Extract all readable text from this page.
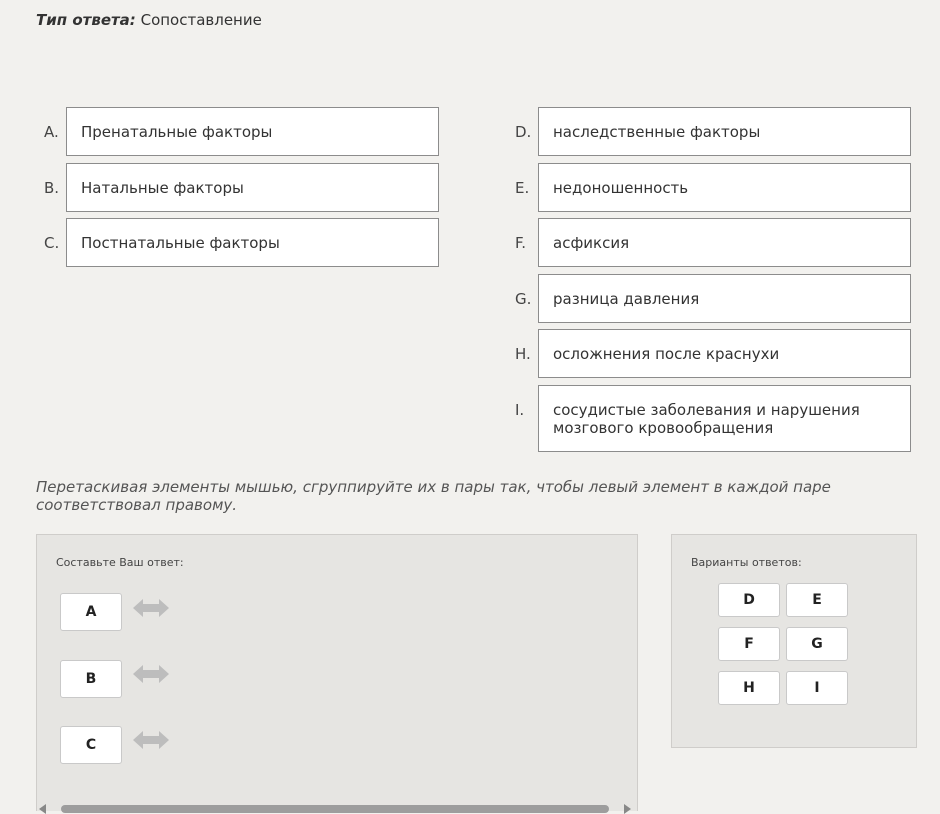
Тип ответа: Сопоставление
A.	Пренатальные факторы
B.	Натальные факторы
C.	Постнатальные факторы
D.	наследственные факторы
E.	недоношенность
F.	асфиксия
G.	разница давления
H.	осложнения после краснухи
I.	сосудистые заболевания и нарушения мозгового кровообращения
Перетаскивая элементы мышью, сгруппируйте их в пары так, чтобы левый элемент в каждой паре соответствовал правому.
Составьте Ваш ответ:
A
B
C
Варианты ответов:
D	E
F	G
H	I
